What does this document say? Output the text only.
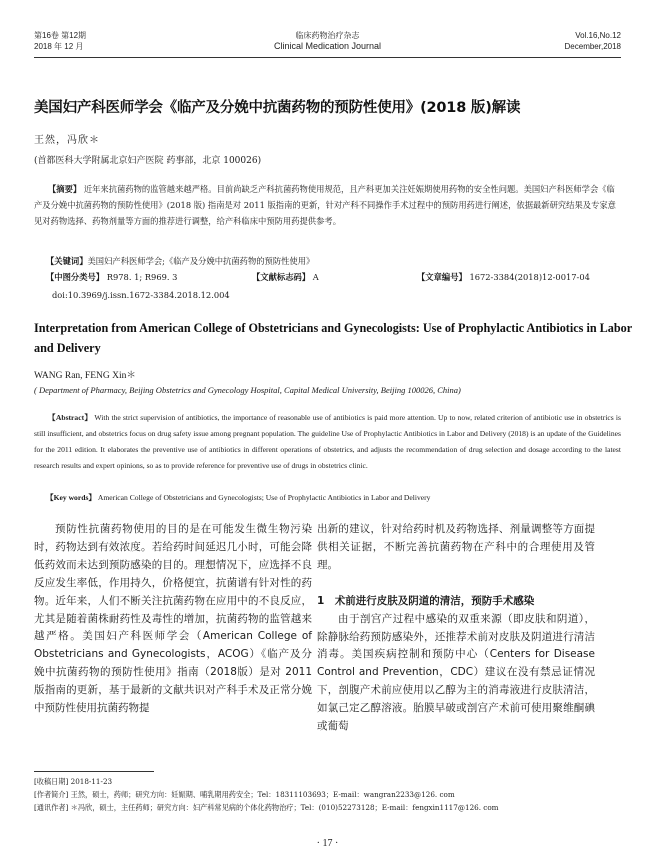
第16卷 第12期
2018 年 12 月
临床药物治疗杂志
Clinical Medication Journal
Vol.16,No.12
December,2018
美国妇产科医师学会《临产及分娩中抗菌药物的预防性使用》(2018 版)解读
王然，冯欣＊
(首都医科大学附属北京妇产医院 药事部，北京 100026)
【摘要】 近年来抗菌药物的监管越来越严格。目前尚缺乏产科抗菌药物使用规范，且产科更加关注妊娠期使用药物的安全性问题。美国妇产科医师学会《临产及分娩中抗菌药物的预防性使用》(2018 版) 指南是对 2011 版指南的更新，针对产科不同操作手术过程中的预防用药进行阐述，依据最新研究结果及专家意见对药物选择、药物剂量等方面的推荐进行调整，给产科临床中预防用药提供参考。
【关键词】美国妇产科医师学会;《临产及分娩中抗菌药物的预防性使用》
【中图分类号】 R978. 1; R969. 3	【文献标志码】 A	【文章编号】 1672-3384(2018)12-0017-04
doi:10.3969/j.issn.1672-3384.2018.12.004
Interpretation from American College of Obstetricians and Gynecologists: Use of Prophylactic Antibiotics in Labor and Delivery
WANG Ran, FENG Xin＊
( Department of Pharmacy, Beijing Obstetrics and Gynecology Hospital, Capital Medical University, Beijing 100026, China)
【Abstract】 With the strict supervision of antibiotics, the importance of reasonable use of antibiotics is paid more attention. Up to now, related criterion of antibiotic use in obstetrics is still insufficient, and obstetrics focus on drug safety issue among pregnant population. The guideline Use of Prophylactic Antibiotics in Labor and Delivery (2018) is an update of the Guidelines for the 2011 edition. It elaborates the preventive use of antibiotics in different operations of obstetrics, and adjusts the recommendation of drug selection and dosage according to the latest research results and expert opinions, so as to provide reference for preventive use of drugs in obstetrics clinic.
【Key words】 American College of Obstetricians and Gynecologists; Use of Prophylactic Antibiotics in Labor and Delivery

预防性抗菌药物使用的目的是在可能发生微生物污染时，药物达到有效浓度。若给药时间延迟几小时，可能会降低药效而未达到预防感染的目的。理想情况下，应选择不良反应发生率低，作用持久，价格便宜，抗菌谱有针对性的药物。近年来，人们不断关注抗菌药物在应用中的不良反应，尤其是随着菌株耐药性及毒性的增加，抗菌药物的监管越来越严格。美国妇产科医师学会（American College of Obstetricians and Gynecologists，ACOG）《临产及分娩中抗菌药物的预防性使用》指南（2018版）是对 2011 版指南的更新，基于最新的文献共识对产科手术及正常分娩中预防性使用抗菌药物提

出新的建议，针对给药时机及药物选择、剂量调整等方面提供相关证据，不断完善抗菌药物在产科中的合理使用及管理。

1　术前进行皮肤及阴道的清洁，预防手术感染

由于剖宫产过程中感染的双重来源（即皮肤和阴道），除静脉给药预防感染外，还推荐术前对皮肤及阴道进行清洁消毒。美国疾病控制和预防中心（Centers for Disease Control and Prevention，CDC）建议在没有禁忌证情况下，剖腹产术前应使用以乙醇为主的消毒液进行皮肤清洁，如氯己定乙醇溶液。胎膜早破或剖宫产术前可使用聚维酮碘或葡萄

[收稿日期] 2018-11-23
[作者简介] 王然，硕士，药师；研究方向：妊娠期、哺乳期用药安全；Tel：18311103693；E-mail：wangran2233@126. com
[通讯作者] ＊冯欣，硕士，主任药师；研究方向：妇产科常见病的个体化药物治疗；Tel：(010)52273128；E-mail：fengxin1117@126. com
· 17 ·
